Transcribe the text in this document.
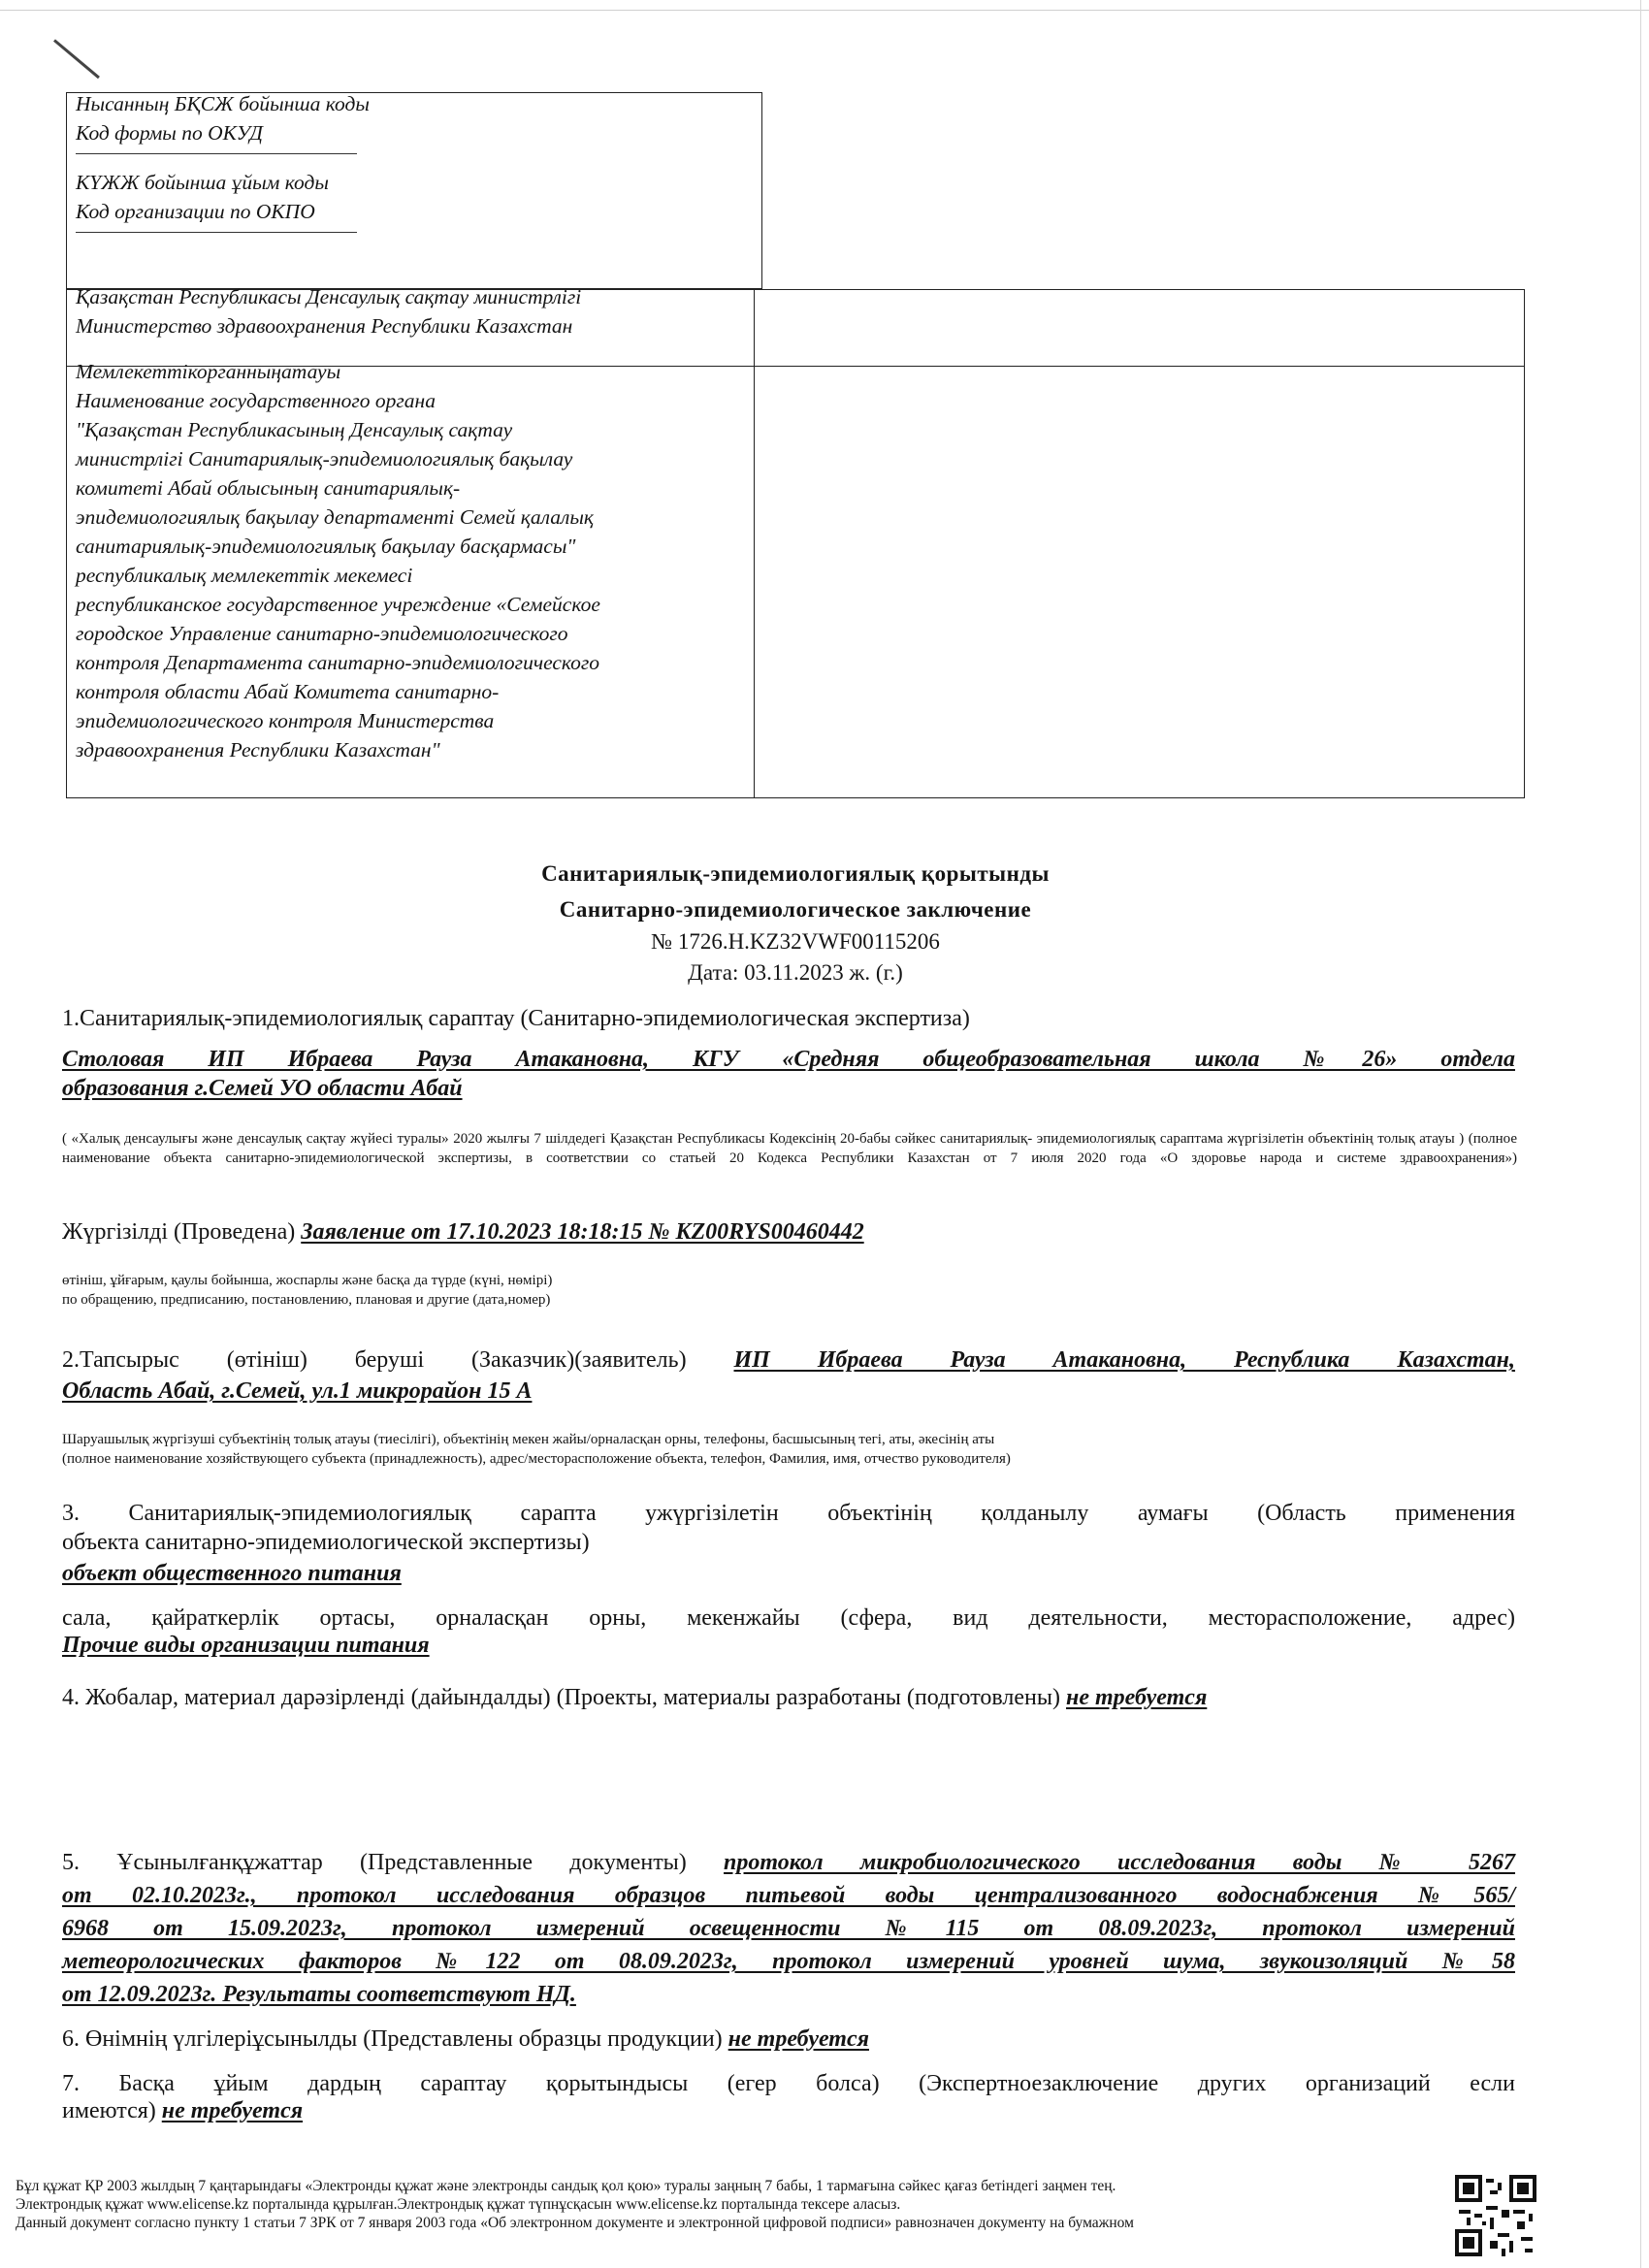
Нысанның БҚСЖ бойынша коды
Код формы по ОКУД
КҮЖЖ бойынша ұйым коды
Код организации по ОКПО
Қазақстан Республикасы Денсаулық сақтау министрлігі
Министерство здравоохранения Республики Казахстан
Мемлекеттікорганныңатауы
Наименование государственного органа
"Қазақстан Республикасының Денсаулық сақтау
министрлігі Санитариялық-эпидемиологиялық бақылау
комитеті Абай облысының санитариялық-
эпидемиологиялық бақылау департаменті Семей қалалық
санитариялық-эпидемиологиялық бақылау басқармасы"
республикалық мемлекеттік мекемесі
республиканское государственное учреждение «Семейское
городское Управление санитарно-эпидемиологического
контроля Департамента санитарно-эпидемиологического
контроля области Абай Комитета санитарно-
эпидемиологического контроля Министерства
здравоохранения Республики Казахстан"
Санитариялық-эпидемиологиялық қорытынды
Санитарно-эпидемиологическое заключение
№ 1726.Н.KZ32VWF00115206
Дата: 03.11.2023 ж. (г.)
1.Санитариялық-эпидемиологиялық сараптау (Санитарно-эпидемиологическая экспертиза)
Столовая ИП Ибраева Рауза Атакановна, КГУ «Средняя общеобразовательная школа №26» отдела
образования г.Семей УО области Абай
( «Халық денсаулығы және денсаулық сақтау жүйесі туралы» 2020 жылғы 7 шілдедегі Қазақстан Республикасы Кодексінің 20-бабы сәйкес санитариялық- эпидемиологиялық сараптама жүргізілетін объектінің толық атауы ) (полное наименование объекта санитарно-эпидемиологической экспертизы, в соответствии со статьей 20 Кодекса Республики Казахстан от 7 июля 2020 года «О здоровье народа и системе здравоохранения»)
Жүргізілді (Проведена) Заявление от 17.10.2023 18:18:15 № KZ00RYS00460442
өтініш, ұйғарым, қаулы бойынша, жоспарлы және басқа да түрде (күні, нөмірі)
по обращению, предписанию, постановлению, плановая и другие (дата,номер)
2.Тапсырыс (өтініш) беруші (Заказчик)(заявитель) ИП Ибраева Рауза Атакановна, Республика Казахстан,
Область Абай, г.Семей, ул.1 микрорайон 15 А
Шаруашылық жүргізуші субъектінің толық атауы (тиесілігі), объектінің мекен жайы/орналасқан орны, телефоны, басшысының тегі, аты, әкесінің аты
(полное наименование хозяйствующего субъекта (принадлежность), адрес/месторасположение объекта, телефон, Фамилия, имя, отчество руководителя)
3. Санитариялық-эпидемиологиялық сарапта ужүргізілетін объектінің қолданылу аумағы (Область применения
объекта санитарно-эпидемиологической экспертизы)
объект общественного питания
сала, қайраткерлік ортасы, орналасқан орны, мекенжайы (сфера, вид деятельности, месторасположение, адрес)
Прочие виды организации питания
4. Жобалар, материал дарәзірленді (дайындалды) (Проекты, материалы разработаны (подготовлены) не требуется
5. Ұсынылғанқұжаттар (Представленные документы) протокол микробиологического исследования воды № 5267
от 02.10.2023г., протокол исследования образцов питьевой воды централизованного водоснабжения №565/
6968 от 15.09.2023г, протокол измерений освещенности №115 от 08.09.2023г, протокол измерений
метеорологических факторов №122 от 08.09.2023г, протокол измерений уровней шума, звукоизоляций №58
от 12.09.2023г. Результаты соответствуют НД.
6. Өнімнің үлгілеріұсынылды (Представлены образцы продукции) не требуется
7. Басқа ұйым дардың сараптау қорытындысы (егер болса) (Экспертноезаключение других организаций если
имеются) не требуется
Бұл құжат ҚР 2003 жылдың 7 қаңтарындағы «Электронды құжат және электронды сандық қол қою» туралы заңның 7 бабы, 1 тармағына сәйкес қағаз бетіндегі заңмен тең.
Электрондық құжат www.elicense.kz порталында құрылған.Электрондық құжат түпнұсқасын www.elicense.kz порталында тексере аласыз.
Данный документ согласно пункту 1 статьи 7 ЗРК от 7 января 2003 года «Об электронном документе и электронной цифровой подписи» равнозначен документу на бумажном
